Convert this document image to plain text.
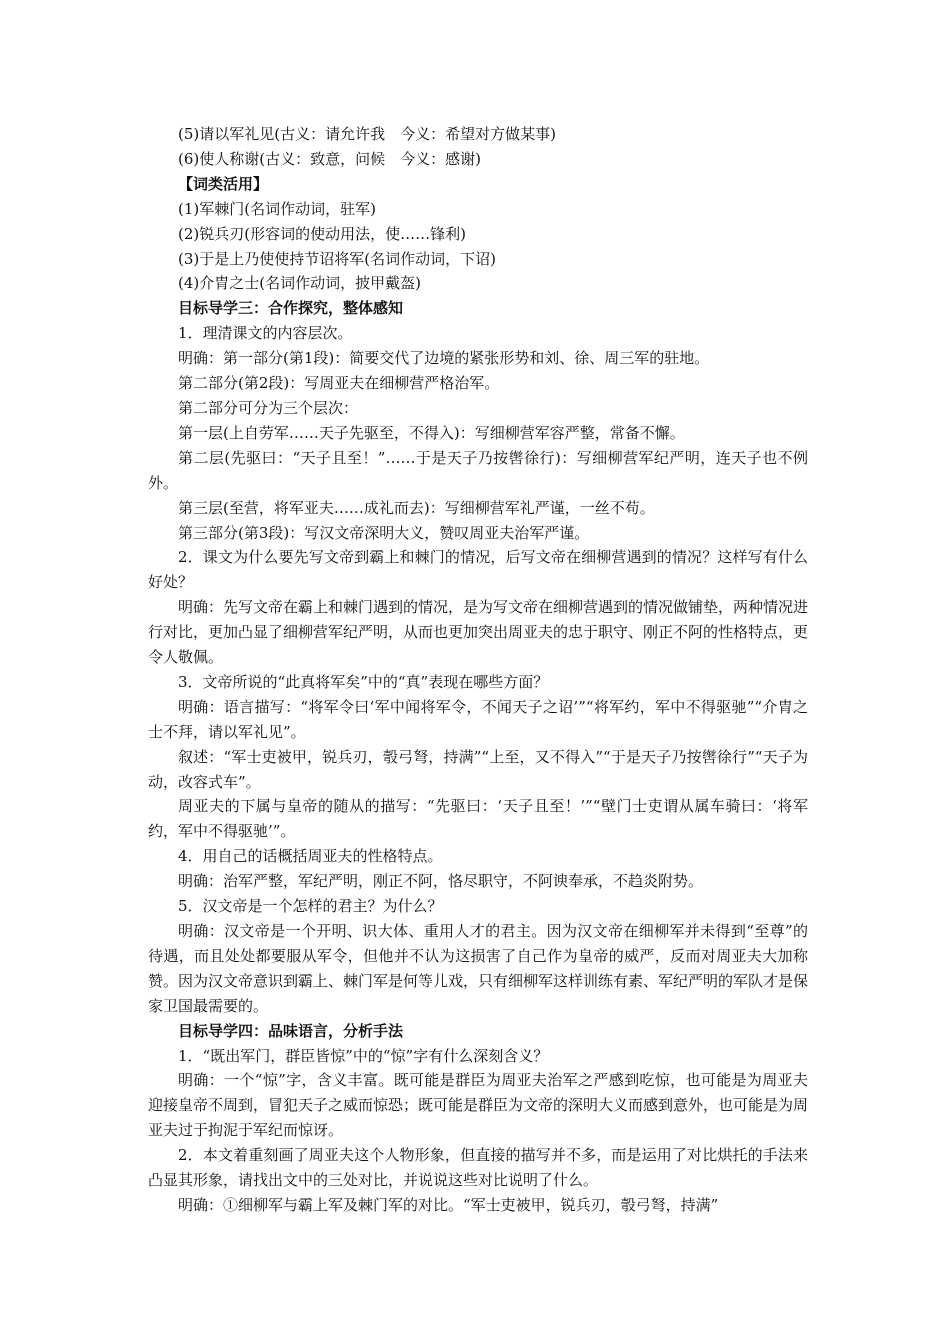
(5)请以军礼见(古义：请允许我　今义：希望对方做某事)

(6)使人称谢(古义：致意，问候　今义：感谢)

【词类活用】

(1)军棘门(名词作动词，驻军)

(2)锐兵刃(形容词的使动用法，使……锋利)

(3)于是上乃使使持节诏将军(名词作动词，下诏)

(4)介胄之士(名词作动词，披甲戴盔)

目标导学三：合作探究，整体感知

1．理清课文的内容层次。

明确：第一部分(第1段)：简要交代了边境的紧张形势和刘、徐、周三军的驻地。

第二部分(第2段)：写周亚夫在细柳营严格治军。

第二部分可分为三个层次：

第一层(上自劳军……天子先驱至，不得入)：写细柳营军容严整，常备不懈。

第二层(先驱曰：“天子且至！”……于是天子乃按辔徐行)：写细柳营军纪严明，连天子也不例外。

第三层(至营，将军亚夫……成礼而去)：写细柳营军礼严谨，一丝不苟。

第三部分(第3段)：写汉文帝深明大义，赞叹周亚夫治军严谨。

2．课文为什么要先写文帝到霸上和棘门的情况，后写文帝在细柳营遇到的情况？这样写有什么好处？

明确：先写文帝在霸上和棘门遇到的情况，是为写文帝在细柳营遇到的情况做铺垫，两种情况进行对比，更加凸显了细柳营军纪严明，从而也更加突出周亚夫的忠于职守、刚正不阿的性格特点，更令人敬佩。

3．文帝所说的“此真将军矣”中的“真”表现在哪些方面？

明确：语言描写：“将军令曰‘军中闻将军令，不闻天子之诏’”“将军约，军中不得驱驰”“介胄之士不拜，请以军礼见”。

叙述：“军士吏被甲，锐兵刃，彀弓弩，持满”“上至，又不得入”“于是天子乃按辔徐行”“天子为动，改容式车”。

周亚夫的下属与皇帝的随从的描写：“先驱曰：‘天子且至！’”“壁门士吏谓从属车骑曰：‘将军约，军中不得驱驰’”。

4．用自己的话概括周亚夫的性格特点。

明确：治军严整，军纪严明，刚正不阿，恪尽职守，不阿谀奉承，不趋炎附势。

5．汉文帝是一个怎样的君主？为什么？

明确：汉文帝是一个开明、识大体、重用人才的君主。因为汉文帝在细柳军并未得到“至尊”的待遇，而且处处都要服从军令，但他并不认为这损害了自己作为皇帝的威严，反而对周亚夫大加称赞。因为汉文帝意识到霸上、棘门军是何等儿戏，只有细柳军这样训练有素、军纪严明的军队才是保家卫国最需要的。

目标导学四：品味语言，分析手法

1．“既出军门，群臣皆惊”中的“惊”字有什么深刻含义？

明确：一个“惊”字，含义丰富。既可能是群臣为周亚夫治军之严感到吃惊，也可能是为周亚夫迎接皇帝不周到，冒犯天子之威而惊恐；既可能是群臣为文帝的深明大义而感到意外，也可能是为周亚夫过于拘泥于军纪而惊讶。

2．本文着重刻画了周亚夫这个人物形象，但直接的描写并不多，而是运用了对比烘托的手法来凸显其形象，请找出文中的三处对比，并说说这些对比说明了什么。

明确：①细柳军与霸上军及棘门军的对比。“军士吏被甲，锐兵刃，彀弓弩，持满”
